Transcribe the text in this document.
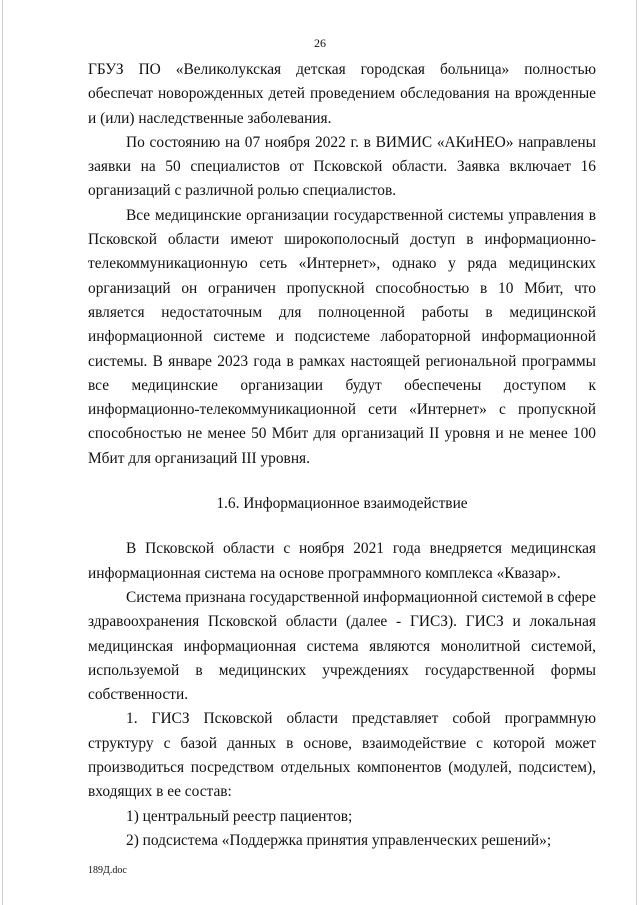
26

ГБУЗ ПО «Великолукская детская городская больница» полностью обеспечат новорожденных детей проведением обследования на врожденные и (или) наследственные заболевания.

По состоянию на 07 ноября 2022 г. в ВИМИС «АКиНЕО» направлены заявки на 50 специалистов от Псковской области. Заявка включает 16 организаций с различной ролью специалистов.

Все медицинские организации государственной системы управления в Псковской области имеют широкополосный доступ в информационно-телекоммуникационную сеть «Интернет», однако у ряда медицинских организаций он ограничен пропускной способностью в 10 Мбит, что является недостаточным для полноценной работы в медицинской информационной системе и подсистеме лабораторной информационной системы. В январе 2023 года в рамках настоящей региональной программы все медицинские организации будут обеспечены доступом к информационно-телекоммуникационной сети «Интернет» с пропускной способностью не менее 50 Мбит для организаций II уровня и не менее 100 Мбит для организаций III уровня.

1.6. Информационное взаимодействие

В Псковской области с ноября 2021 года внедряется медицинская информационная система на основе программного комплекса «Квазар».

Система признана государственной информационной системой в сфере здравоохранения Псковской области (далее - ГИСЗ). ГИСЗ и локальная медицинская информационная система являются монолитной системой, используемой в медицинских учреждениях государственной формы собственности.

1. ГИСЗ Псковской области представляет собой программную структуру с базой данных в основе, взаимодействие с которой может производиться посредством отдельных компонентов (модулей, подсистем), входящих в ее состав:

1) центральный реестр пациентов;

2) подсистема «Поддержка принятия управленческих решений»;

189Д.doc
